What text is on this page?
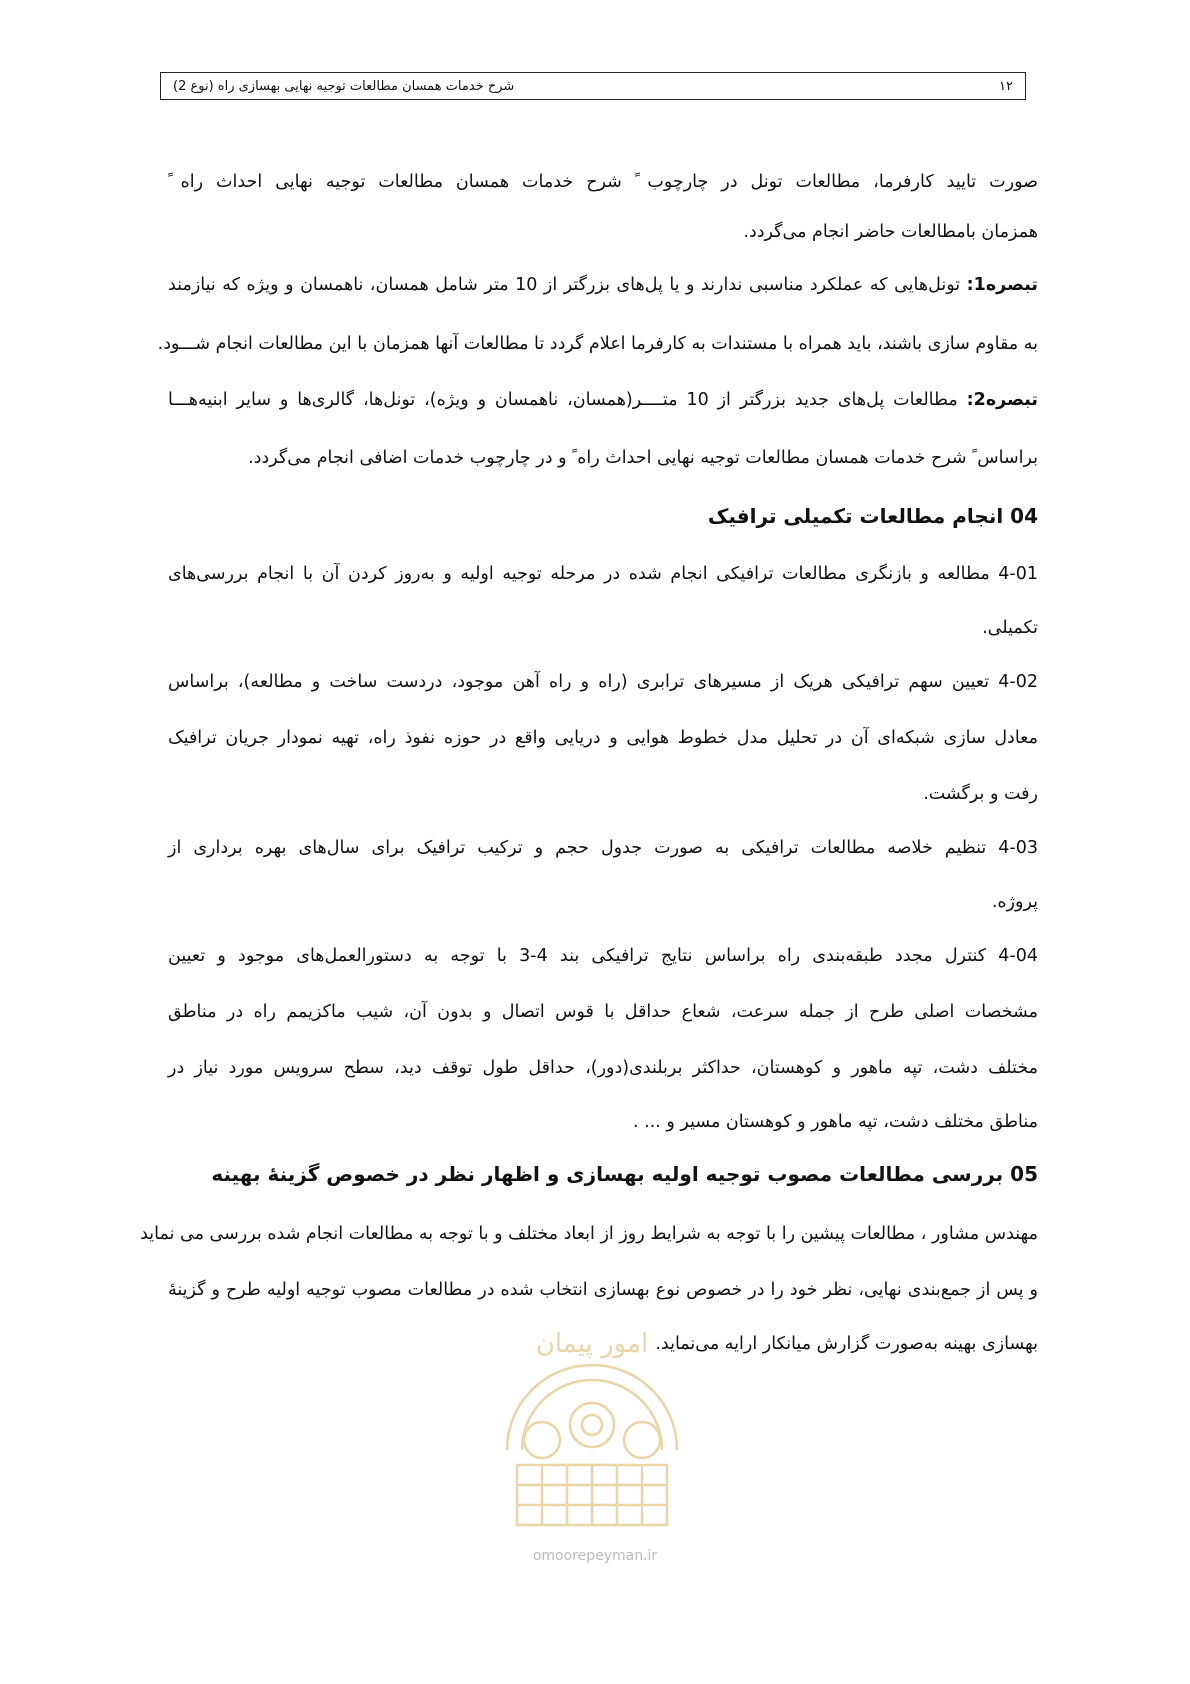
۱۲
شرح خدمات همسان مطالعات توجیه نهایی بهسازی راه (نوع 2)
صورت تایید کارفرما، مطالعات تونل در چارچوب ً شرح خدمات همسان مطالعات توجیه نهایی احداث راه ً
همزمان بامطالعات حاضر انجام می‌گردد.
تبصره1: تونل‌هایی که عملکرد مناسبی ندارند و یا پل‌های بزرگتر از 10 متر شامل همسان، ناهمسان و ویژه که نیازمند
به مقاوم سازی باشند، باید همراه با مستندات به کارفرما اعلام گردد تا مطالعات آنها همزمان با این مطالعات انجام شـــود.
تبصره2: مطالعات پل‌های جدید بزرگتر از 10 متــــر(همسان، ناهمسان و ویژه)، تونل‌ها، گالری‌ها و سایر ابنیه‌هـــا
براساس ً شرح خدمات همسان مطالعات توجیه نهایی احداث راه ً و در چارچوب خدمات اضافی انجام می‌گردد.
04 انجام مطالعات تکمیلی ترافیک
4-01 مطالعه و بازنگری مطالعات ترافیکی انجام شده در مرحله توجیه اولیه و به‌روز کردن آن با انجام بررسی‌های
تکمیلی.
4-02 تعیین سهم ترافیکی هریک از مسیرهای ترابری (راه و راه آهن موجود، دردست ساخت و مطالعه)، براساس
معادل سازی شبکه‌ای آن در تحلیل مدل خطوط هوایی و دریایی واقع در حوزه نفوذ راه، تهیه نمودار جریان ترافیک
رفت و برگشت.
4-03 تنظیم خلاصه مطالعات ترافیکی به صورت جدول حجم و ترکیب ترافیک برای سال‌های بهره برداری از
پروژه.
4-04 کنترل مجدد طبقه‌بندی راه براساس نتایج ترافیکی بند 4-3 با توجه به دستورالعمل‌های موجود و تعیین
مشخصات اصلی طرح از جمله سرعت، شعاع حداقل با قوس اتصال و بدون آن، شیب ماکزیمم راه در مناطق
مختلف دشت، تپه ماهور و کوهستان، حداکثر بربلندی(دور)، حداقل طول توقف دید، سطح سرویس مورد نیاز در
مناطق مختلف دشت، تپه ماهور و کوهستان مسیر و ... .
05 بررسی مطالعات مصوب توجیه اولیه بهسازی و اظهار نظر در خصوص گزینۀ بهینه
مهندس مشاور ، مطالعات پیشین را با توجه به شرایط روز از ابعاد مختلف و با توجه به مطالعات انجام شده بررسی می نماید
و پس از جمع‌بندی نهایی، نظر خود را در خصوص نوع بهسازی انتخاب شده در مطالعات مصوب توجیه اولیه طرح و گزینۀ
بهسازی بهینه به‌صورت گزارش میانکار ارایه می‌نماید.
امور پیمان
omoorepeyman.ir
